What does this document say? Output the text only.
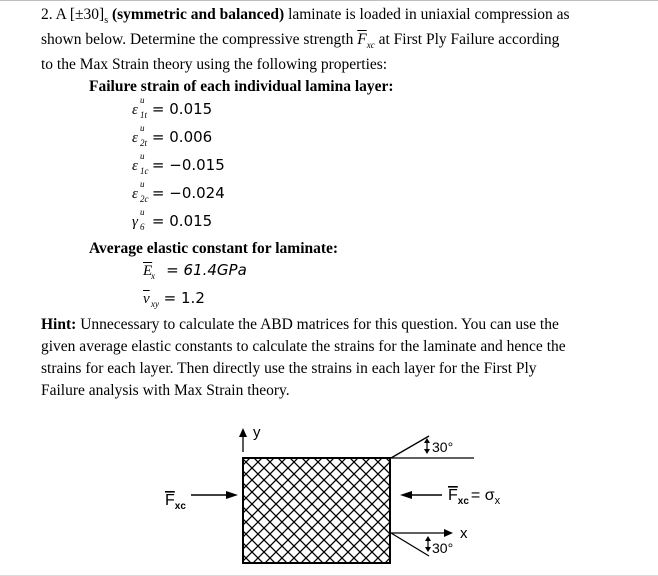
2. A $[\pm 30]_s$ (symmetric and balanced) laminate is loaded in uniaxial compression as
shown below. Determine the compressive strength $\overline{F}_{xc}$ at First Ply Failure according
to the Max Strain theory using the following properties:
Failure strain of each individual lamina layer:
ε
u
1t = 0.015
ε
u
2t = 0.006
ε
u
1c = −0.015
ε
u
2c = −0.024
γ
u
6 = 0.015
Average elastic constant for laminate:
E
x = 61.4GPa
ν xy = 1.2
Hint: Unnecessary to calculate the ABD matrices for this question. You can use the
given average elastic constants to calculate the strains for the laminate and hence the
strains for each layer. Then directly use the strains in each layer for the First Ply
Failure analysis with Max Strain theory.
y
$F_{xc}$
$F_{xc} = \sigma_x$
30°
x
30°
